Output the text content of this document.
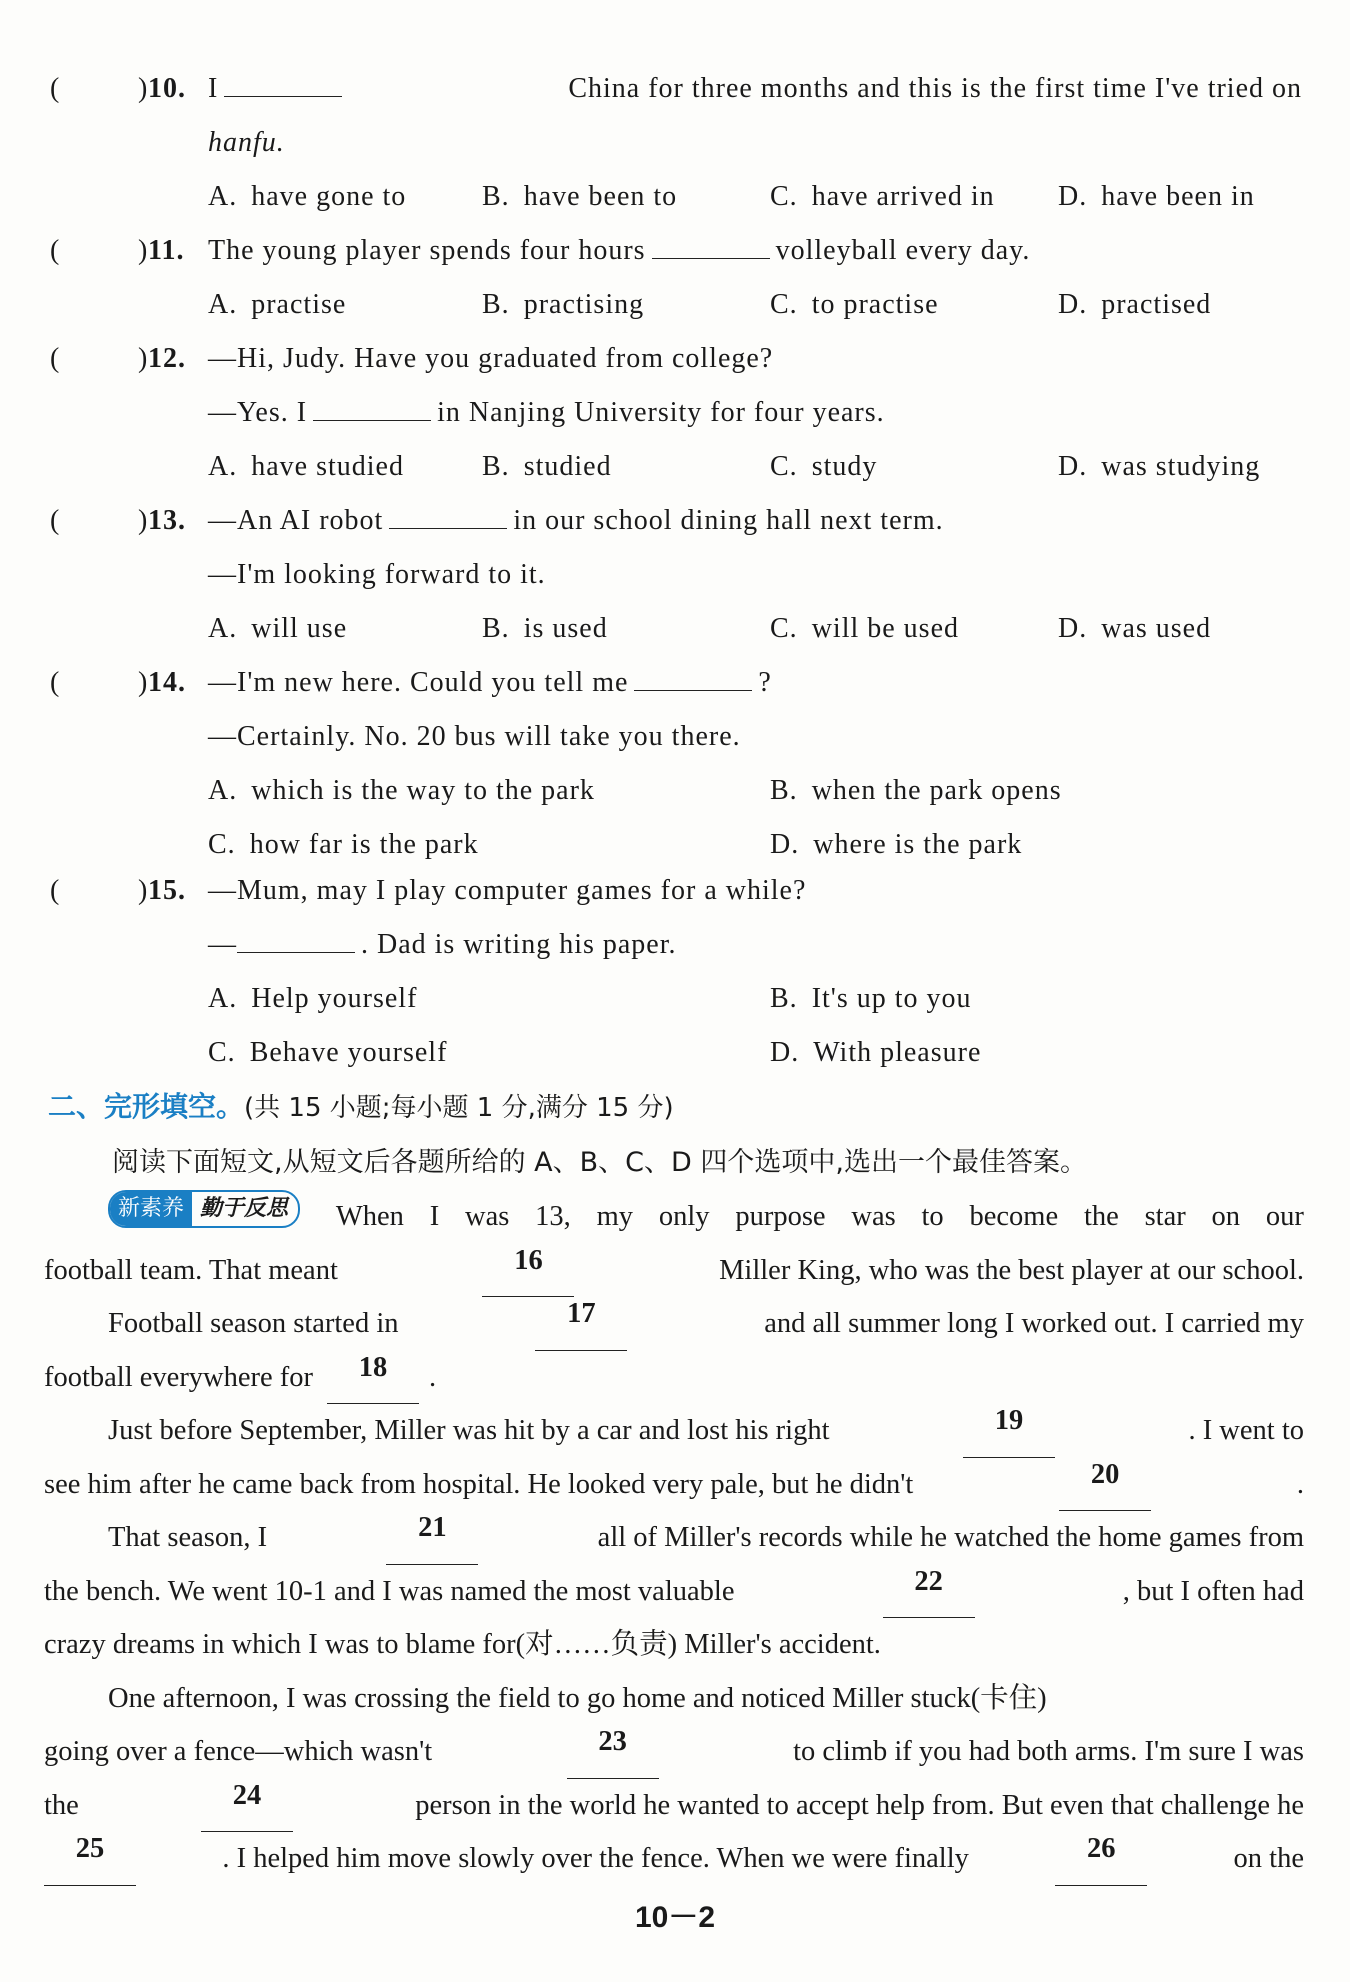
(	) 10. I	China for three months and this is the first time I've tried on
hanfu.
A. have gone to	B. have been to	C. have arrived in D. have been in
(	) 11. The young player spends four hours	volleyball every day.
A. practise	B. practising	C. to practise	D. practised
(	) 12. —Hi, Judy. Have you graduated from college?
—Yes. I	in Nanjing University for four years.
A. have studied	B. studied	C. study	D. was studying
(	) 13. —An AI robot	in our school dining hall next term.
—I'm looking forward to it.
A. will use	B. is used	C. will be used	D. was used
(	) 14. —I'm new here. Could you tell me	?
—Certainly. No. 20 bus will take you there.
A. which is the way to the park	B. when the park opens
C. how far is the park	D. where is the park
(	) 15. —Mum, may I play computer games for a while?
—	. Dad is writing his paper.
A. Help yourself	B. It's up to you
C. Behave yourself	D. With pleasure
二、完形填空。(共 15 小题;每小题 1 分,满分 15 分)
阅读下面短文,从短文后各题所给的 A、B、C、D 四个选项中,选出一个最佳答案。
新素养 勤于反思	When I was 13, my only purpose was to become the star on our
football team. That meant	16	Miller King, who was the best player at our school.
Football season started in	17	and all summer long I worked out. I carried my
football everywhere for	18	.
Just before September, Miller was hit by a car and lost his right	19	. I went to
see him after he came back from hospital. He looked very pale, but he didn't	20	.
That season, I	21	all of Miller's records while he watched the home games from
the bench. We went 10-1 and I was named the most valuable	22	, but I often had
crazy dreams in which I was to blame for(对……负责) Miller's accident.
One afternoon, I was crossing the field to go home and noticed Miller stuck(卡住)
going over a fence—which wasn't	23	to climb if you had both arms. I'm sure I was
the	24	person in the world he wanted to accept help from. But even that challenge he
25	. I helped him move slowly over the fence. When we were finally	26	on the
10－2
